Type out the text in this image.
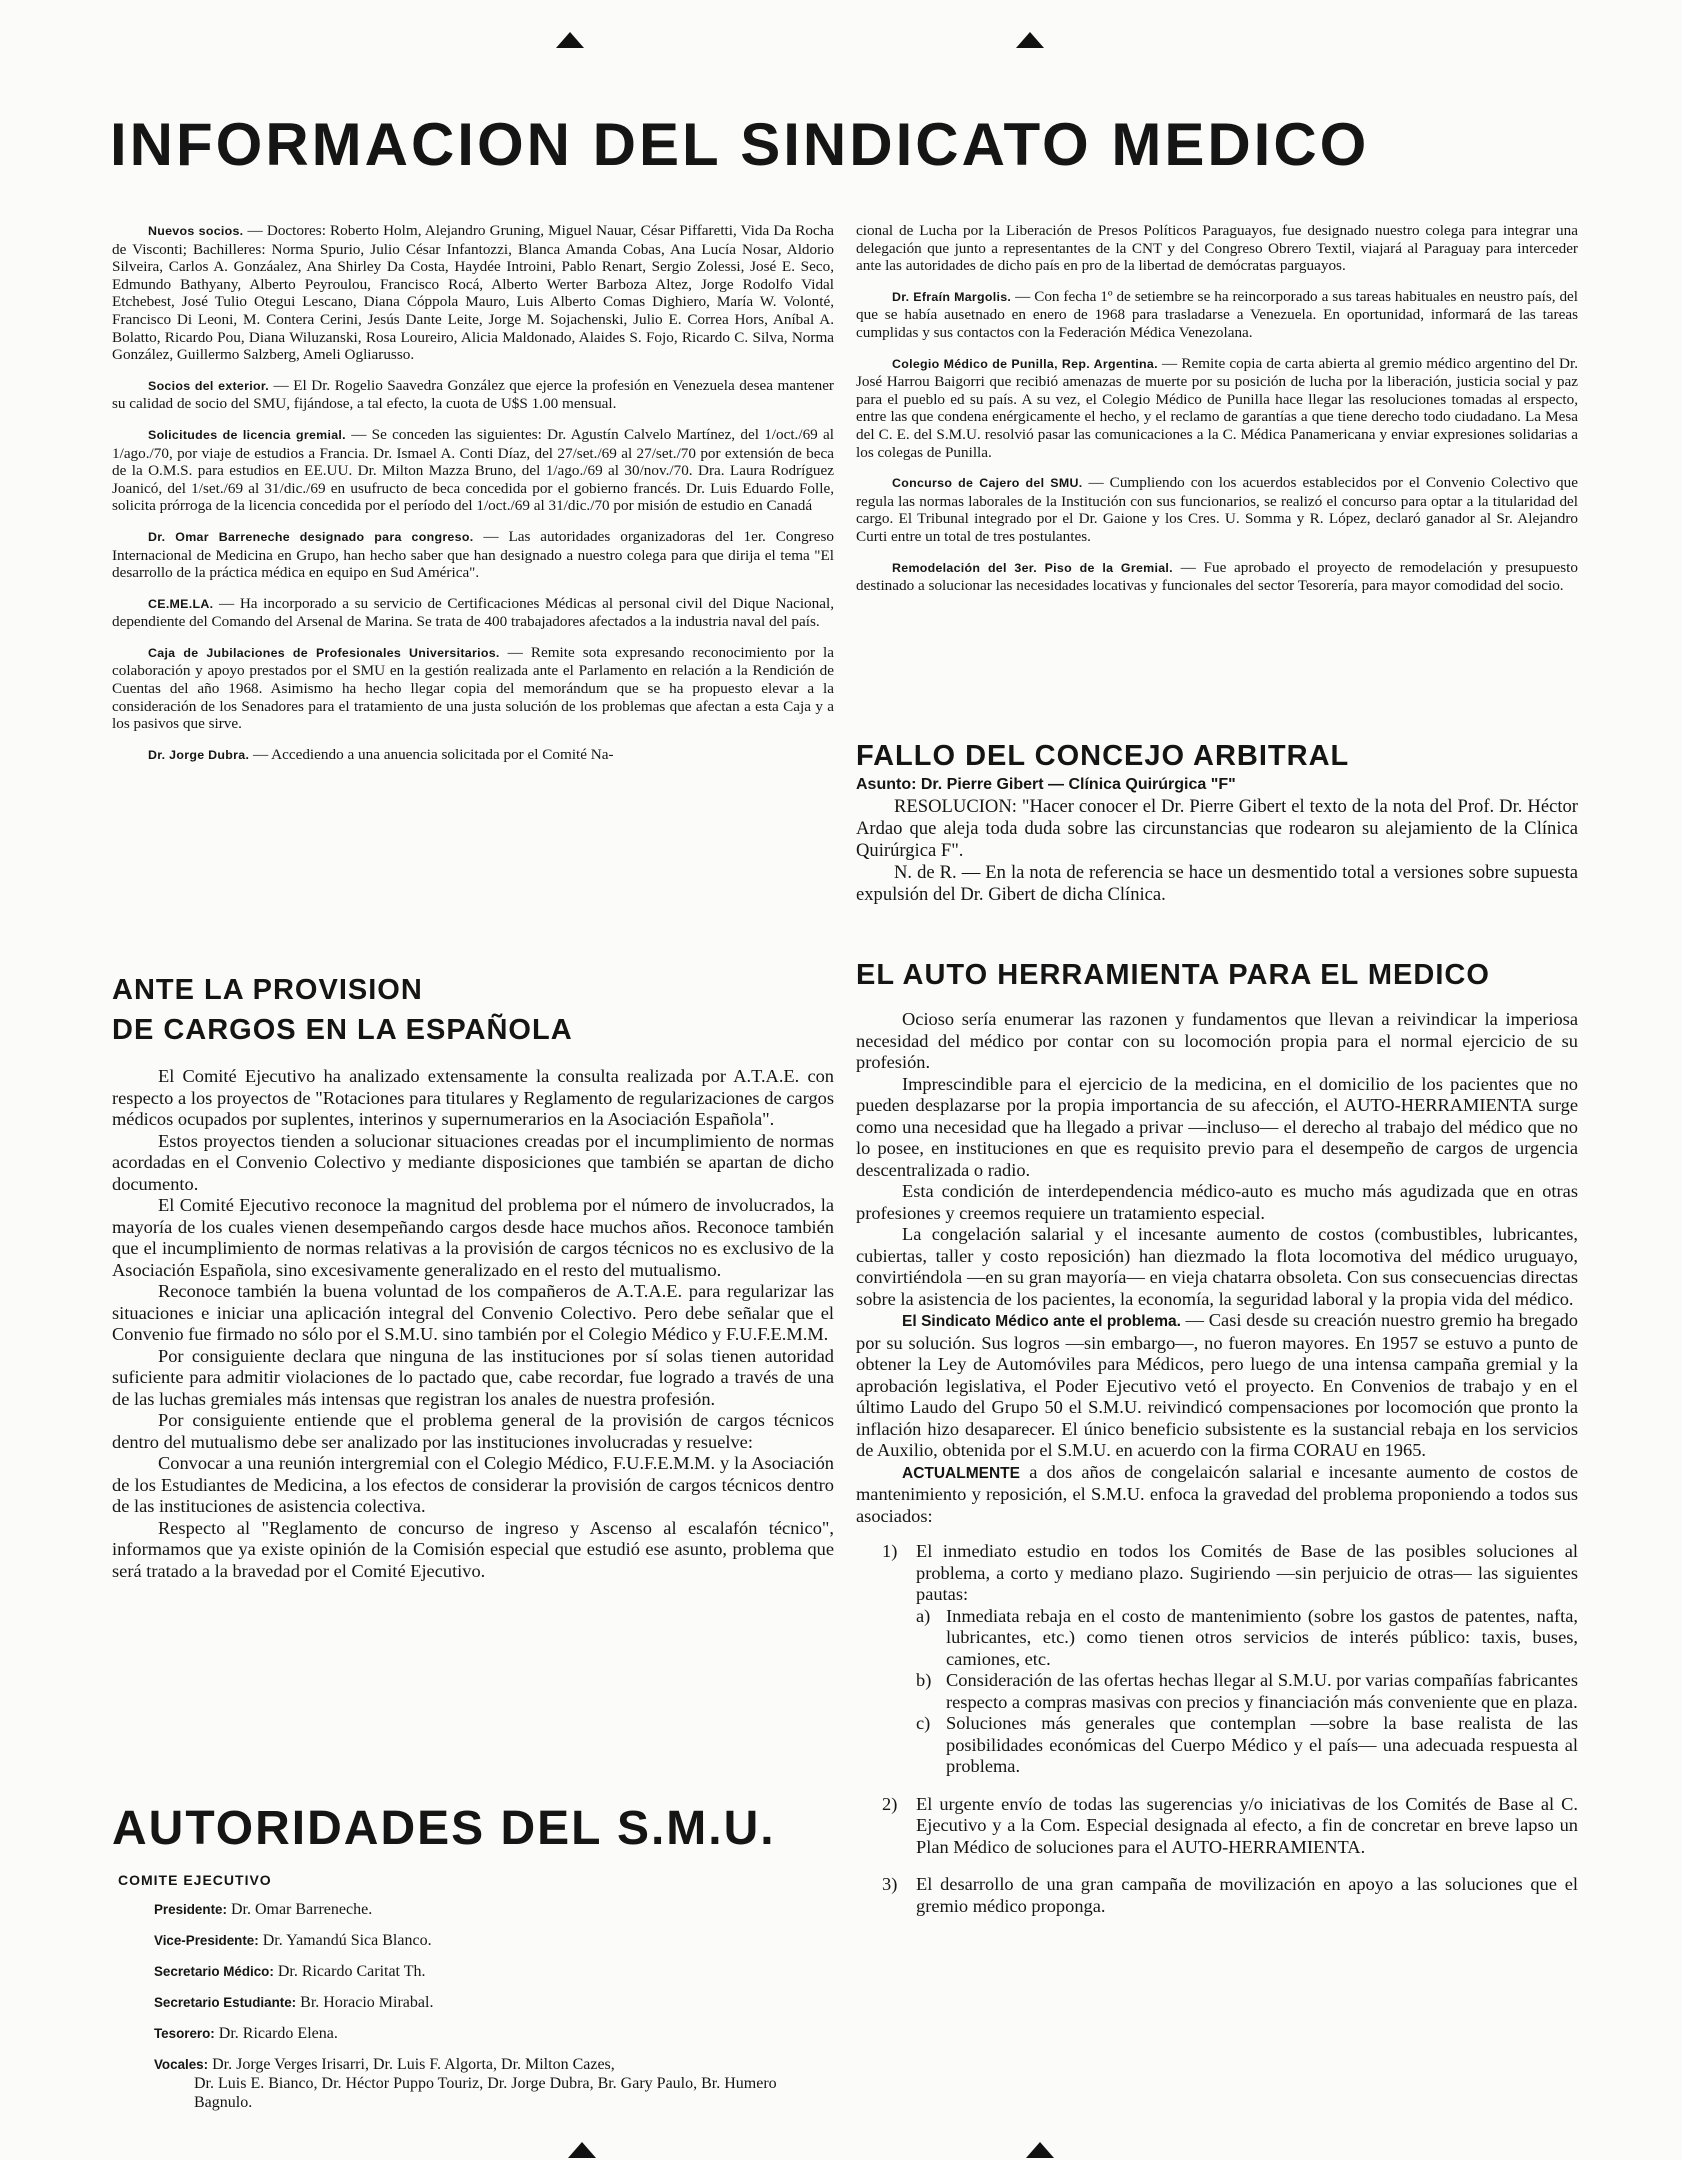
INFORMACION DEL SINDICATO MEDICO

Nuevos socios. — Doctores: Roberto Holm, Alejandro Gruning, Miguel Nauar, César Piffaretti, Vida Da Rocha de Visconti; Bachilleres: Norma Spurio, Julio César Infantozzi, Blanca Amanda Cobas, Ana Lucía Nosar, Aldorio Silveira, Carlos A. Gonzáalez, Ana Shirley Da Costa, Haydée Introini, Pablo Renart, Sergio Zolessi, José E. Seco, Edmundo Bathyany, Alberto Peyroulou, Francisco Rocá, Alberto Werter Barboza Altez, Jorge Rodolfo Vidal Etchebest, José Tulio Otegui Lescano, Diana Cóppola Mauro, Luis Alberto Comas Dighiero, María W. Volonté, Francisco Di Leoni, M. Contera Cerini, Jesús Dante Leite, Jorge M. Sojachenski, Julio E. Correa Hors, Aníbal A. Bolatto, Ricardo Pou, Diana Wiluzanski, Rosa Loureiro, Alicia Maldonado, Alaides S. Fojo, Ricardo C. Silva, Norma González, Guillermo Salzberg, Ameli Ogliarusso.

Socios del exterior. — El Dr. Rogelio Saavedra González que ejerce la profesión en Venezuela desea mantener su calidad de socio del SMU, fijándose, a tal efecto, la cuota de U$S 1.00 mensual.

Solicitudes de licencia gremial. — Se conceden las siguientes: Dr. Agustín Calvelo Martínez, del 1/oct./69 al 1/ago./70, por viaje de estudios a Francia. Dr. Ismael A. Conti Díaz, del 27/set./69 al 27/set./70 por extensión de beca de la O.M.S. para estudios en EE.UU. Dr. Milton Mazza Bruno, del 1/ago./69 al 30/nov./70. Dra. Laura Rodríguez Joanicó, del 1/set./69 al 31/dic./69 en usufructo de beca concedida por el gobierno francés. Dr. Luis Eduardo Folle, solicita prórroga de la licencia concedida por el período del 1/oct./69 al 31/dic./70 por misión de estudio en Canadá

Dr. Omar Barreneche designado para congreso. — Las autoridades organizadoras del 1er. Congreso Internacional de Medicina en Grupo, han hecho saber que han designado a nuestro colega para que dirija el tema "El desarrollo de la práctica médica en equipo en Sud América".

CE.ME.LA. — Ha incorporado a su servicio de Certificaciones Médicas al personal civil del Dique Nacional, dependiente del Comando del Arsenal de Marina. Se trata de 400 trabajadores afectados a la industria naval del país.

Caja de Jubilaciones de Profesionales Universitarios. — Remite sota expresando reconocimiento por la colaboración y apoyo prestados por el SMU en la gestión realizada ante el Parlamento en relación a la Rendición de Cuentas del año 1968. Asimismo ha hecho llegar copia del memorándum que se ha propuesto elevar a la consideración de los Senadores para el tratamiento de una justa solución de los problemas que afectan a esta Caja y a los pasivos que sirve.

Dr. Jorge Dubra. — Accediendo a una anuencia solicitada por el Comité Na-

cional de Lucha por la Liberación de Presos Políticos Paraguayos, fue designado nuestro colega para integrar una delegación que junto a representantes de la CNT y del Congreso Obrero Textil, viajará al Paraguay para interceder ante las autoridades de dicho país en pro de la libertad de demócratas parguayos.

Dr. Efraín Margolis. — Con fecha 1º de setiembre se ha reincorporado a sus tareas habituales en neustro país, del que se había ausetnado en enero de 1968 para trasladarse a Venezuela. En oportunidad, informará de las tareas cumplidas y sus contactos con la Federación Médica Venezolana.

Colegio Médico de Punilla, Rep. Argentina. — Remite copia de carta abierta al gremio médico argentino del Dr. José Harrou Baigorri que recibió amenazas de muerte por su posición de lucha por la liberación, justicia social y paz para el pueblo ed su país. A su vez, el Colegio Médico de Punilla hace llegar las resoluciones tomadas al erspecto, entre las que condena enérgicamente el hecho, y el reclamo de garantías a que tiene derecho todo ciudadano. La Mesa del C. E. del S.M.U. resolvió pasar las comunicaciones a la C. Médica Panamericana y enviar expresiones solidarias a los colegas de Punilla.

Concurso de Cajero del SMU. — Cumpliendo con los acuerdos establecidos por el Convenio Colectivo que regula las normas laborales de la Institución con sus funcionarios, se realizó el concurso para optar a la titularidad del cargo. El Tribunal integrado por el Dr. Gaione y los Cres. U. Somma y R. López, declaró ganador al Sr. Alejandro Curti entre un total de tres postulantes.

Remodelación del 3er. Piso de la Gremial. — Fue aprobado el proyecto de remodelación y presupuesto destinado a solucionar las necesidades locativas y funcionales del sector Tesorería, para mayor comodidad del socio.

FALLO DEL CONCEJO ARBITRAL
Asunto: Dr. Pierre Gibert — Clínica Quirúrgica "F"

RESOLUCION: "Hacer conocer el Dr. Pierre Gibert el texto de la nota del Prof. Dr. Héctor Ardao que aleja toda duda sobre las circunstancias que rodearon su alejamiento de la Clínica Quirúrgica F".

N. de R. — En la nota de referencia se hace un desmentido total a versiones sobre supuesta expulsión del Dr. Gibert de dicha Clínica.

ANTE LA PROVISION
DE CARGOS EN LA ESPAÑOLA

El Comité Ejecutivo ha analizado extensamente la consulta realizada por A.T.A.E. con respecto a los proyectos de "Rotaciones para titulares y Reglamento de regularizaciones de cargos médicos ocupados por suplentes, interinos y supernumerarios en la Asociación Española".

Estos proyectos tienden a solucionar situaciones creadas por el incumplimiento de normas acordadas en el Convenio Colectivo y mediante disposiciones que también se apartan de dicho documento.

El Comité Ejecutivo reconoce la magnitud del problema por el número de involucrados, la mayoría de los cuales vienen desempeñando cargos desde hace muchos años. Reconoce también que el incumplimiento de normas relativas a la provisión de cargos técnicos no es exclusivo de la Asociación Española, sino excesivamente generalizado en el resto del mutualismo.

Reconoce también la buena voluntad de los compañeros de A.T.A.E. para regularizar las situaciones e iniciar una aplicación integral del Convenio Colectivo. Pero debe señalar que el Convenio fue firmado no sólo por el S.M.U. sino también por el Colegio Médico y F.U.F.E.M.M.

Por consiguiente declara que ninguna de las instituciones por sí solas tienen autoridad suficiente para admitir violaciones de lo pactado que, cabe recordar, fue logrado a través de una de las luchas gremiales más intensas que registran los anales de nuestra profesión.

Por consiguiente entiende que el problema general de la provisión de cargos técnicos dentro del mutualismo debe ser analizado por las instituciones involucradas y resuelve:

Convocar a una reunión intergremial con el Colegio Médico, F.U.F.E.M.M. y la Asociación de los Estudiantes de Medicina, a los efectos de considerar la provisión de cargos técnicos dentro de las instituciones de asistencia colectiva.

Respecto al "Reglamento de concurso de ingreso y Ascenso al escalafón técnico", informamos que ya existe opinión de la Comisión especial que estudió ese asunto, problema que será tratado a la bravedad por el Comité Ejecutivo.

AUTORIDADES DEL S.M.U.
COMITE EJECUTIVO
Presidente: Dr. Omar Barreneche.
Vice-Presidente: Dr. Yamandú Sica Blanco.
Secretario Médico: Dr. Ricardo Caritat Th.
Secretario Estudiante: Br. Horacio Mirabal.
Tesorero: Dr. Ricardo Elena.
Vocales: Dr. Jorge Verges Irisarri, Dr. Luis F. Algorta, Dr. Milton Cazes,
Dr. Luis E. Bianco, Dr. Héctor Puppo Touriz, Dr. Jorge Dubra, Br. Gary Paulo, Br. Humero Bagnulo.
EL AUTO HERRAMIENTA PARA EL MEDICO

Ocioso sería enumerar las razonen y fundamentos que llevan a reivindicar la imperiosa necesidad del médico por contar con su locomoción propia para el normal ejercicio de su profesión.

Imprescindible para el ejercicio de la medicina, en el domicilio de los pacientes que no pueden desplazarse por la propia importancia de su afección, el AUTO-HERRAMIENTA surge como una necesidad que ha llegado a privar —incluso— el derecho al trabajo del médico que no lo posee, en instituciones en que es requisito previo para el desempeño de cargos de urgencia descentralizada o radio.

Esta condición de interdependencia médico-auto es mucho más agudizada que en otras profesiones y creemos requiere un tratamiento especial.

La congelación salarial y el incesante aumento de costos (combustibles, lubricantes, cubiertas, taller y costo reposición) han diezmado la flota locomotiva del médico uruguayo, convirtiéndola —en su gran mayoría— en vieja chatarra obsoleta. Con sus consecuencias directas sobre la asistencia de los pacientes, la economía, la seguridad laboral y la propia vida del médico.

El Sindicato Médico ante el problema. — Casi desde su creación nuestro gremio ha bregado por su solución. Sus logros —sin embargo—, no fueron mayores. En 1957 se estuvo a punto de obtener la Ley de Automóviles para Médicos, pero luego de una intensa campaña gremial y la aprobación legislativa, el Poder Ejecutivo vetó el proyecto. En Convenios de trabajo y en el último Laudo del Grupo 50 el S.M.U. reivindicó compensaciones por locomoción que pronto la inflación hizo desaparecer. El único beneficio subsistente es la sustancial rebaja en los servicios de Auxilio, obtenida por el S.M.U. en acuerdo con la firma CORAU en 1965.

ACTUALMENTE a dos años de congelaicón salarial e incesante aumento de costos de mantenimiento y reposición, el S.M.U. enfoca la gravedad del problema proponiendo a todos sus asociados:

1) El inmediato estudio en todos los Comités de Base de las posibles soluciones al problema, a corto y mediano plazo. Sugiriendo —sin perjuicio de otras— las siguientes pautas:
a) Inmediata rebaja en el costo de mantenimiento (sobre los gastos de patentes, nafta, lubricantes, etc.) como tienen otros servicios de interés público: taxis, buses, camiones, etc.
b) Consideración de las ofertas hechas llegar al S.M.U. por varias compañías fabricantes respecto a compras masivas con precios y financiación más conveniente que en plaza.
c) Soluciones más generales que contemplan —sobre la base realista de las posibilidades económicas del Cuerpo Médico y el país— una adecuada respuesta al problema.
2) El urgente envío de todas las sugerencias y/o iniciativas de los Comités de Base al C. Ejecutivo y a la Com. Especial designada al efecto, a fin de concretar en breve lapso un Plan Médico de soluciones para el AUTO-HERRAMIENTA.
3) El desarrollo de una gran campaña de movilización en apoyo a las soluciones que el gremio médico proponga.
